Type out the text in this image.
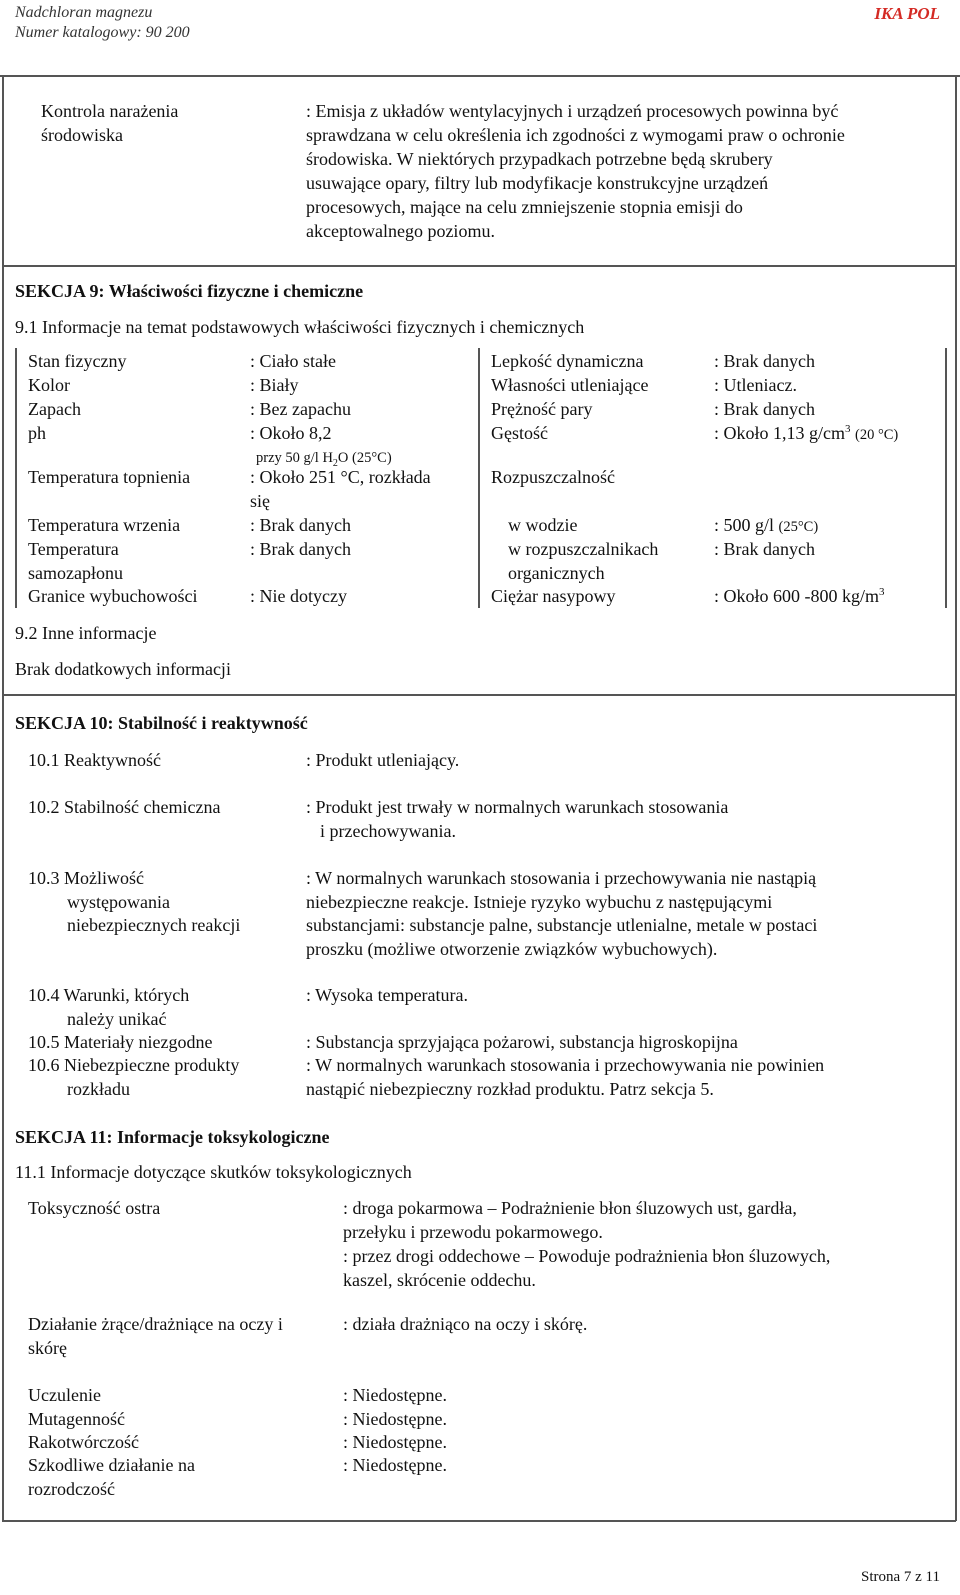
Nadchloran magnezu
Numer katalogowy: 90 200
IKA POL
Kontrola narażenia
środowiska
: Emisja z układów wentylacyjnych i urządzeń procesowych powinna być
sprawdzana w celu określenia ich zgodności z wymogami praw o ochronie
środowiska. W niektórych przypadkach potrzebne będą skrubery
usuwające opary, filtry lub modyfikacje konstrukcyjne urządzeń
procesowych, mające na celu zmniejszenie stopnia emisji do
akceptowalnego poziomu.
SEKCJA 9: Właściwości fizyczne i chemiczne
9.1 Informacje na temat podstawowych właściwości fizycznych i chemicznych
Stan fizyczny	: Ciało stałe
Kolor	: Biały
Zapach	: Bez zapachu
ph	: Około 8,2
przy 50 g/l $H_2O$ (25°C)
Temperatura topnienia	: Około 251 °C, rozkłada
się
Temperatura wrzenia	: Brak danych
Temperatura
samozapłonu
: Brak danych
Granice wybuchowości	: Nie dotyczy
Lepkość dynamiczna	: Brak danych
Własności utleniające	: Utleniacz.
Prężność pary	: Brak danych
Gęstość	: Około 1,13 $g/cm^3$ (20 °C)
Rozpuszczalność
w wodzie	: 500 g/l (25°C)
w rozpuszczalnikach
organicznych
: Brak danych
Ciężar nasypowy	: Około 600 -800 $kg/m^3$
9.2 Inne informacje
Brak dodatkowych informacji
SEKCJA 10: Stabilność i reaktywność
10.1 Reaktywność	: Produkt utleniający.
10.2 Stabilność chemiczna	: Produkt jest trwały w normalnych warunkach stosowania
i przechowywania.
10.3 Możliwość
występowania
niebezpiecznych reakcji
: W normalnych warunkach stosowania i przechowywania nie nastąpią
niebezpieczne reakcje. Istnieje ryzyko wybuchu z następującymi
substancjami: substancje palne, substancje utlenialne, metale w postaci
proszku (możliwe otworzenie związków wybuchowych).
10.4 Warunki, których
należy unikać
: Wysoka temperatura.
10.5 Materiały niezgodne	: Substancja sprzyjająca pożarowi, substancja higroskopijna
10.6 Niebezpieczne produkty
rozkładu
: W normalnych warunkach stosowania i przechowywania nie powinien
nastąpić niebezpieczny rozkład produktu. Patrz sekcja 5.
SEKCJA 11: Informacje toksykologiczne
11.1 Informacje dotyczące skutków toksykologicznych
Toksyczność ostra	: droga pokarmowa – Podrażnienie błon śluzowych ust, gardła,
przełyku i przewodu pokarmowego.
: przez drogi oddechowe – Powoduje podrażnienia błon śluzowych,
kaszel, skrócenie oddechu.
Działanie żrące/drażniące na oczy i
skórę
: działa drażniąco na oczy i skórę.
Uczulenie	: Niedostępne.
Mutagenność	: Niedostępne.
Rakotwórczość	: Niedostępne.
Szkodliwe działanie na
rozrodczość
: Niedostępne.
Strona 7 z 11
